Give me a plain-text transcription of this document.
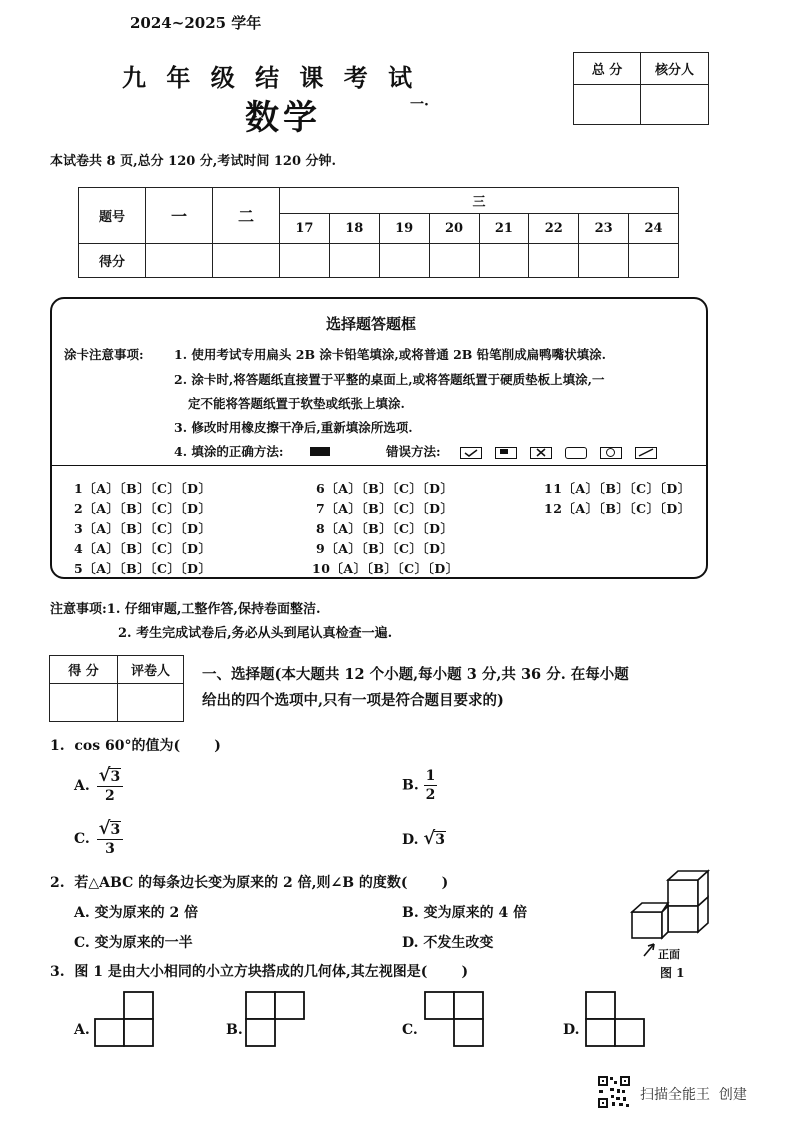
2024~2025 学年
九 年 级 结 课 考 试
数学	一·
总 分	核分人

本试卷共 8 页,总分 120 分,考试时间 120 分钟.
题号	一	二	三							
			17	18	19	20	21	22	23	24
得分										
选择题答题框
涂卡注意事项: 1. 使用考试专用扁头 2B 涂卡铅笔填涂,或将普通 2B 铅笔削成扁鸭嘴状填涂.
2. 涂卡时,将答题纸直接置于平整的桌面上,或将答题纸置于硬质垫板上填涂,一
定不能将答题纸置于软垫或纸张上填涂.
3. 修改时用橡皮擦干净后,重新填涂所选项.
4. 填涂的正确方法:	错误方法:

1〔A〕〔B〕〔C〕〔D〕
2〔A〕〔B〕〔C〕〔D〕
3〔A〕〔B〕〔C〕〔D〕
4〔A〕〔B〕〔C〕〔D〕
5〔A〕〔B〕〔C〕〔D〕
6〔A〕〔B〕〔C〕〔D〕
7〔A〕〔B〕〔C〕〔D〕
8〔A〕〔B〕〔C〕〔D〕
9〔A〕〔B〕〔C〕〔D〕
10〔A〕〔B〕〔C〕〔D〕
11〔A〕〔B〕〔C〕〔D〕
12〔A〕〔B〕〔C〕〔D〕
注意事项:1. 仔细审题,工整作答,保持卷面整洁.
2. 考生完成试卷后,务必从头到尾认真检查一遍.
得 分	评卷人
	一、选择题(本大题共 12 个小题,每小题 3 分,共 36 分. 在每小题
给出的四个选项中,只有一项是符合题目要求的)
1.  cos 60°的值为(       )
A. $\frac{√3}{2}$	B. $\frac{1}{2}$
C. $\frac{√3}{3}$	D. √3
2.  若△ABC 的每条边长变为原来的 2 倍,则∠B 的度数(       )
A. 变为原来的 2 倍	B. 变为原来的 4 倍
C. 变为原来的一半	D. 不发生改变
正面
图 1
3.  图 1 是由大小相同的小立方块搭成的几何体,其左视图是(       )
A.	B.	C.	D.
扫描全能王  创建
